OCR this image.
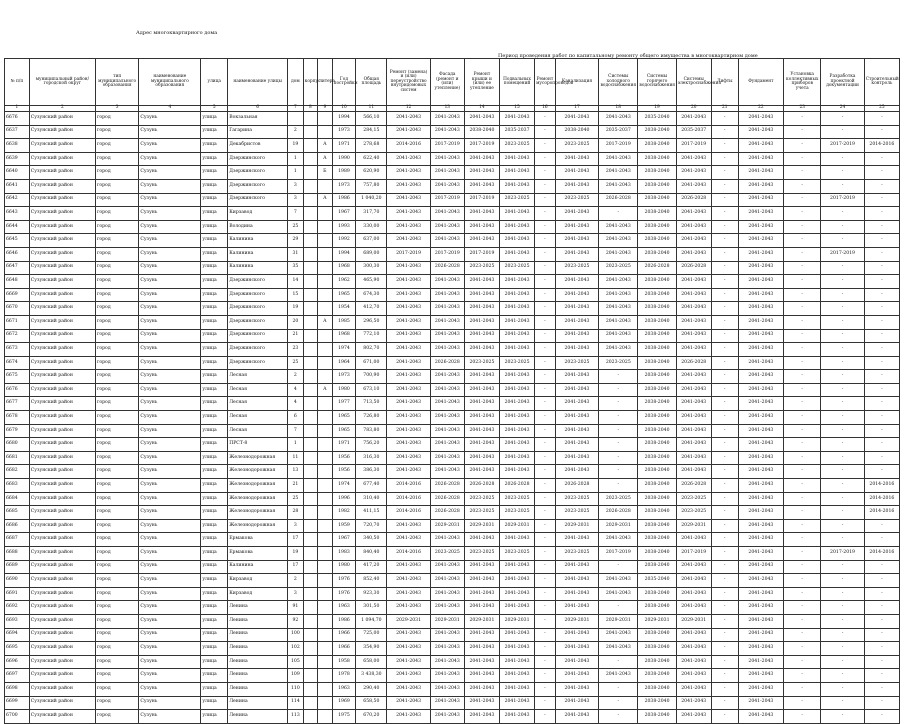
Адрес многоквартирного дома
Период проведения работ по капитальному ремонту общего имущества в многоквартирном доме
№ п/п	муниципальный район/городской округ	тип муниципального образования	наименование муниципального образования	улица	наименование улицы	дом	корпус	литера	Год постройки	Общая площадь	Ремонт (замена) и (или) переустройство внутридомовых систем	Фасада (ремонт и (или) утепление)	Ремонт крыши и (или) ее утепление	Подвальных помещений	Ремонт мусоропроводов	Канализация	Системы холодного водоснабжения	Системы горячего водоснабжения	Системы электроснабжения	Лифты	Фундамент	Установка коллективных приборов учета	Разработка проектной документации	Строительный контроль
1	2	3	4	5	6	7	8	9	10	11	12	13	14	15	16	17	18	19	20	21	22	23	24	25
6676	Сузунский район	город	Сузунь	улица	Вокзальная				1994	566,10	2041-2043	2041-2043	2041-2043	2041-2043	-	2041-2043	2041-2043	2035-2040	2041-2043	-	2041-2043	-	-	-
6637	Сузунский район	город	Сузунь	улица	Гагарина	2			1973	284,15	2041-2043	2041-2043	2038-2040	2035-2037	-	2038-2040	2035-2037	2038-2040	2035-2037	-	2041-2043	-	-	-
6638	Сузунский район	город	Сузунь	улица	Декабристов	19		А	1971	278,68	2014-2016	2017-2019	2017-2019	2023-2025	-	2023-2025	2017-2019	2038-2040	2017-2019	-	2041-2043	-	2017-2019	2014-2016
6639	Сузунский район	город	Сузунь	улица	Дзержинского	1		А	1990	622,40	2041-2043	2041-2043	2041-2043	2041-2043	-	2041-2043	2041-2043	2038-2040	2041-2043	-	2041-2043	-	-	-
6640	Сузунский район	город	Сузунь	улица	Дзержинского	1		Б	1989	620,90	2041-2043	2041-2043	2041-2043	2041-2043	-	2041-2043	2041-2043	2038-2040	2041-2043	-	2041-2043	-	-	-
6641	Сузунский район	город	Сузунь	улица	Дзержинского	3			1973	757,80	2041-2043	2041-2043	2041-2043	2041-2043	-	2041-2043	2041-2043	2038-2040	2041-2043	-	2041-2043	-	-	-
6642	Сузунский район	город	Сузунь	улица	Дзержинского	3		А	1986	1 040,20	2041-2043	2017-2019	2017-2019	2023-2025	-	2023-2025	2026-2028	2038-2040	2026-2028	-	2041-2043	-	2017-2019	-
6643	Сузунский район	город	Сузунь	улица	Кирзавод	7			1967	317,70	2041-2043	2041-2043	2041-2043	2041-2043	-	2041-2043	-	2038-2040	2041-2043	-	2041-2043	-	-	-
6644	Сузунский район	город	Сузунь	улица	Володина	25			1993	330,00	2041-2043	2041-2043	2041-2043	2041-2043	-	2041-2043	2041-2043	2038-2040	2041-2043	-	2041-2043	-	-	-
6645	Сузунский район	город	Сузунь	улица	Калинина	29			1992	637,00	2041-2043	2041-2043	2041-2043	2041-2043	-	2041-2043	2041-2043	2038-2040	2041-2043	-	2041-2043	-	-	-
6646	Сузунский район	город	Сузунь	улица	Калинина	31			1994	689,00	2017-2019	2017-2019	2017-2019	2041-2043	-	2041-2043	2041-2043	2038-2040	2041-2043	-	2041-2043	-	2017-2019	-
6647	Сузунский район	город	Сузунь	улица	Калинина	35			1968	300,30	2041-2043	2026-2028	2023-2025	2023-2025	-	2023-2025	2023-2025	2026-2028	2026-2028	-	2041-2043	-	-	-
6648	Сузунский район	город	Сузунь	улица	Дзержинского	14			1962	465,90	2041-2043	2041-2043	2041-2043	2041-2043	-	2041-2043	2041-2043	2038-2040	2041-2043	-	2041-2043	-	-	-
6669	Сузунский район	город	Сузунь	улица	Дзержинского	15			1965	674,30	2041-2043	2041-2043	2041-2043	2041-2043	-	2041-2043	2041-2043	2038-2040	2041-2043	-	2041-2043	-	-	-
6670	Сузунский район	город	Сузунь	улица	Дзержинского	19			1954	412,70	2041-2043	2041-2043	2041-2043	2041-2043	-	2041-2043	2041-2043	2038-2040	2041-2043	-	2041-2043	-	-	-
6671	Сузунский район	город	Сузунь	улица	Дзержинского	20		А	1985	296,50	2041-2043	2041-2043	2041-2043	2041-2043	-	2041-2043	2041-2043	2038-2040	2041-2043	-	2041-2043	-	-	-
6672	Сузунский район	город	Сузунь	улица	Дзержинского	21			1968	772,10	2041-2043	2041-2043	2041-2043	2041-2043	-	2041-2043	2041-2043	2038-2040	2041-2043	-	2041-2043	-	-	-
6673	Сузунский район	город	Сузунь	улица	Дзержинского	23			1974	802,70	2041-2043	2041-2043	2041-2043	2041-2043	-	2041-2043	2041-2043	2038-2040	2041-2043	-	2041-2043	-	-	-
6674	Сузунский район	город	Сузунь	улица	Дзержинского	25			1964	671,00	2041-2043	2026-2028	2023-2025	2023-2025	-	2023-2025	2023-2025	2038-2040	2026-2028	-	2041-2043	-	-	-
6675	Сузунский район	город	Сузунь	улица	Лесная	2			1973	700,90	2041-2043	2041-2043	2041-2043	2041-2043	-	2041-2043	-	2038-2040	2041-2043	-	2041-2043	-	-	-
6676	Сузунский район	город	Сузунь	улица	Лесная	4		А	1980	673,10	2041-2043	2041-2043	2041-2043	2041-2043	-	2041-2043	-	2038-2040	2041-2043	-	2041-2043	-	-	-
6677	Сузунский район	город	Сузунь	улица	Лесная	4			1977	713,50	2041-2043	2041-2043	2041-2043	2041-2043	-	2041-2043	-	2038-2040	2041-2043	-	2041-2043	-	-	-
6678	Сузунский район	город	Сузунь	улица	Лесная	6			1965	726,80	2041-2043	2041-2043	2041-2043	2041-2043	-	2041-2043	-	2038-2040	2041-2043	-	2041-2043	-	-	-
6679	Сузунский район	город	Сузунь	улица	Лесная	7			1965	783,80	2041-2043	2041-2043	2041-2043	2041-2043	-	2041-2043	-	2038-2040	2041-2043	-	2041-2043	-	-	-
6680	Сузунский район	город	Сузунь	улица	ПРСТ-8	1			1971	756,20	2041-2043	2041-2043	2041-2043	2041-2043	-	2041-2043	-	2038-2040	2041-2043	-	2041-2043	-	-	-
6681	Сузунский район	город	Сузунь	улица	Железнодорожная	11			1956	316,30	2041-2043	2041-2043	2041-2043	2041-2043	-	2041-2043	-	2038-2040	2041-2043	-	2041-2043	-	-	-
6682	Сузунский район	город	Сузунь	улица	Железнодорожная	13			1956	386,30	2041-2043	2041-2043	2041-2043	2041-2043	-	2041-2043	-	2038-2040	2041-2043	-	2041-2043	-	-	-
6683	Сузунский район	город	Сузунь	улица	Железнодорожная	21			1974	677,40	2014-2016	2026-2028	2026-2028	2026-2028	-	2026-2028	-	2038-2040	2026-2028	-	2041-2043	-	-	2014-2016
6684	Сузунский район	город	Сузунь	улица	Железнодорожная	25			1996	310,40	2014-2016	2026-2028	2023-2025	2023-2025	-	2023-2025	2023-2025	2038-2040	2023-2025	-	2041-2043	-	-	2014-2016
6685	Сузунский район	город	Сузунь	улица	Железнодорожная	28			1982	411,15	2014-2016	2026-2028	2023-2025	2023-2025	-	2023-2025	2026-2028	2038-2040	2023-2025	-	2041-2043	-	-	2014-2016
6686	Сузунский район	город	Сузунь	улица	Железнодорожная	3			1959	720,70	2041-2043	2029-2031	2029-2031	2029-2031	-	2029-2031	2029-2031	2038-2040	2029-2031	-	2041-2043	-	-	-
6687	Сузунский район	город	Сузунь	улица	Ермакова	17			1967	340,50	2041-2043	2041-2043	2041-2043	2041-2043	-	2041-2043	2041-2043	2038-2040	2041-2043	-	2041-2043	-	-	-
6688	Сузунский район	город	Сузунь	улица	Ермакова	19			1983	840,40	2014-2016	2023-2025	2023-2025	2023-2025	-	2023-2025	2017-2019	2038-2040	2017-2019	-	2041-2043	-	2017-2019	2014-2016
6689	Сузунский район	город	Сузунь	улица	Калинина	17			1980	417,20	2041-2043	2041-2043	2041-2043	2041-2043	-	2041-2043	-	2038-2040	2041-2043	-	2041-2043	-	-	-
6690	Сузунский район	город	Сузунь	улица	Кирзавод	2			1976	852,40	2041-2043	2041-2043	2041-2043	2041-2043	-	2041-2043	2041-2043	2035-2040	2041-2043	-	2041-2043	-	-	-
6691	Сузунский район	город	Сузунь	улица	Кирзавод	3			1976	923,30	2041-2043	2041-2043	2041-2043	2041-2043	-	2041-2043	2041-2043	2038-2040	2041-2043	-	2041-2043	-	-	-
6692	Сузунский район	город	Сузунь	улица	Ленина	91			1963	301,50	2041-2043	2041-2043	2041-2043	2041-2043	-	2041-2043	-	2038-2040	2041-2043	-	2041-2043	-	-	-
6693	Сузунский район	город	Сузунь	улица	Ленина	92			1986	1 094,70	2029-2031	2029-2031	2029-2031	2029-2031	-	2029-2031	2029-2031	2029-2031	2029-2031	-	2041-2043	-	-	-
6694	Сузунский район	город	Сузунь	улица	Ленина	100			1966	725,00	2041-2043	2041-2043	2041-2043	2041-2043	-	2041-2043	2041-2043	2038-2040	2041-2043	-	2041-2043	-	-	-
6695	Сузунский район	город	Сузунь	улица	Ленина	102			1966	354,90	2041-2043	2041-2043	2041-2043	2041-2043	-	2041-2043	2041-2043	2038-2040	2041-2043	-	2041-2043	-	-	-
6696	Сузунский район	город	Сузунь	улица	Ленина	105			1958	658,00	2041-2043	2041-2043	2041-2043	2041-2043	-	2041-2043	-	2038-2040	2041-2043	-	2041-2043	-	-	-
6697	Сузунский район	город	Сузунь	улица	Ленина	109			1978	3 438,30	2041-2043	2041-2043	2041-2043	2041-2043	-	2041-2043	2041-2043	2038-2040	2041-2043	-	2041-2043	-	-	-
6698	Сузунский район	город	Сузунь	улица	Ленина	110			1963	290,40	2041-2043	2041-2043	2041-2043	2041-2043	-	2041-2043	-	2038-2040	2041-2043	-	2041-2043	-	-	-
6699	Сузунский район	город	Сузунь	улица	Ленина	114			1969	658,50	2041-2043	2041-2043	2041-2043	2041-2043	-	2041-2043	-	2038-2040	2041-2043	-	2041-2043	-	-	-
6700	Сузунский район	город	Сузунь	улица	Ленина	113			1975	670,20	2041-2043	2041-2043	2041-2043	2041-2043	-	2041-2043	-	2038-2040	2041-2043	-	2041-2043	-	-	-
